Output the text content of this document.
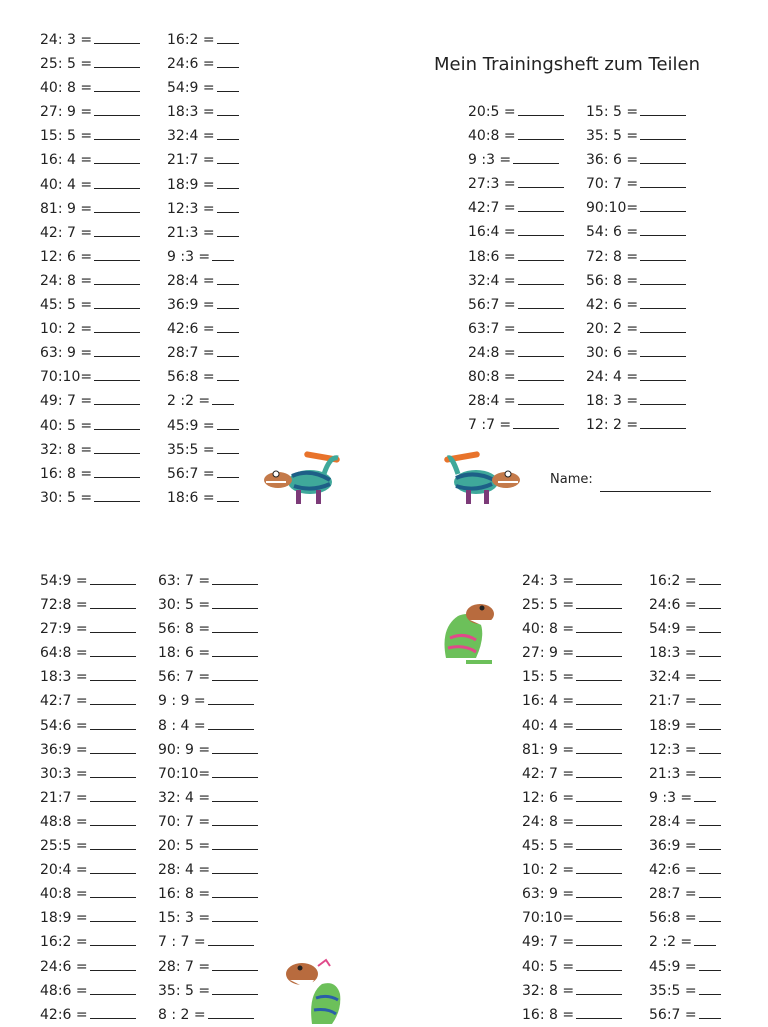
Mein Trainingsheft zum Teilen
Name:
24: 3 =
25: 5 =
40: 8 =
27: 9 =
15: 5 =
16: 4 =
40: 4 =
81: 9 =
42: 7 =
12: 6 =
24: 8 =
45: 5 =
10: 2 =
63: 9 =
70:10=
49: 7 =
40: 5 =
32: 8 =
16: 8 =
30: 5 =
16:2 =
24:6 =
54:9 =
18:3 =
32:4 =
21:7 =
18:9 =
12:3 =
21:3 =
9 :3 =
28:4 =
36:9 =
42:6 =
28:7 =
56:8 =
2 :2 =
45:9 =
35:5 =
56:7 =
18:6 =
20:5 =
40:8 =
9 :3 =
27:3 =
42:7 =
16:4 =
18:6 =
32:4 =
56:7 =
63:7 =
24:8 =
80:8 =
28:4 =
7 :7 =
15: 5 =
35: 5 =
36: 6 =
70: 7 =
90:10=
54: 6 =
72: 8 =
56: 8 =
42: 6 =
20: 2 =
30: 6 =
24: 4 =
18: 3 =
12: 2 =
54:9 =
72:8 =
27:9 =
64:8 =
18:3 =
42:7 =
54:6 =
36:9 =
30:3 =
21:7 =
48:8 =
25:5 =
20:4 =
40:8 =
18:9 =
16:2 =
24:6 =
48:6 =
42:6 =
63: 7 =
30: 5 =
56: 8 =
18: 6 =
56: 7 =
9 : 9 =
8 : 4 =
90: 9 =
70:10=
32: 4 =
70: 7 =
20: 5 =
28: 4 =
16: 8 =
15: 3 =
7 : 7 =
28: 7 =
35: 5 =
8 : 2 =
24: 3 =
25: 5 =
40: 8 =
27: 9 =
15: 5 =
16: 4 =
40: 4 =
81: 9 =
42: 7 =
12: 6 =
24: 8 =
45: 5 =
10: 2 =
63: 9 =
70:10=
49: 7 =
40: 5 =
32: 8 =
16: 8 =
16:2 =
24:6 =
54:9 =
18:3 =
32:4 =
21:7 =
18:9 =
12:3 =
21:3 =
9 :3 =
28:4 =
36:9 =
42:6 =
28:7 =
56:8 =
2 :2 =
45:9 =
35:5 =
56:7 =
